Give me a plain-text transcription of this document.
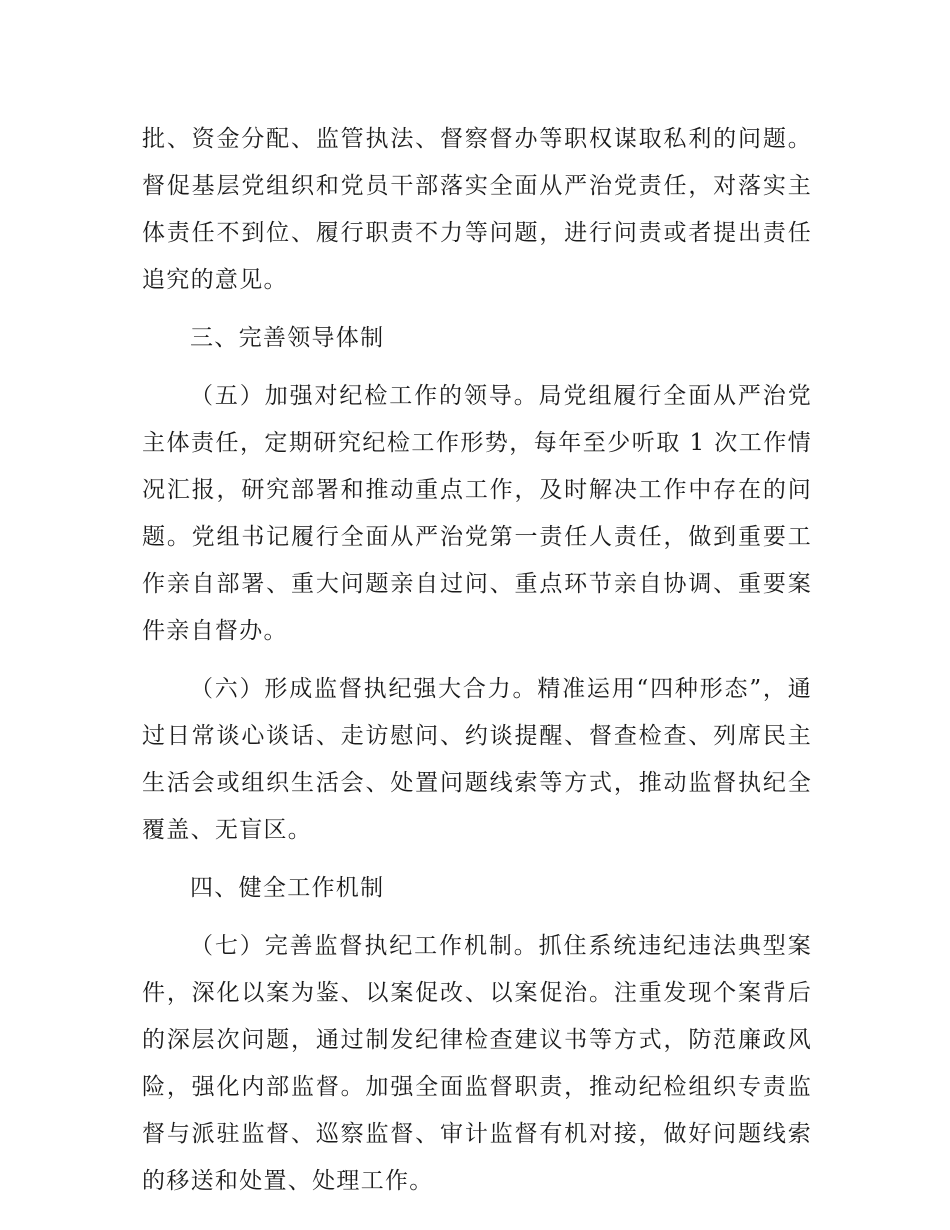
批、资金分配、监管执法、督察督办等职权谋取私利的问题。督促基层党组织和党员干部落实全面从严治党责任，对落实主体责任不到位、履行职责不力等问题，进行问责或者提出责任追究的意见。

三、完善领导体制

（五）加强对纪检工作的领导。局党组履行全面从严治党主体责任，定期研究纪检工作形势，每年至少听取 1 次工作情况汇报，研究部署和推动重点工作，及时解决工作中存在的问题。党组书记履行全面从严治党第一责任人责任，做到重要工作亲自部署、重大问题亲自过问、重点环节亲自协调、重要案件亲自督办。

（六）形成监督执纪强大合力。精准运用“四种形态”，通过日常谈心谈话、走访慰问、约谈提醒、督查检查、列席民主生活会或组织生活会、处置问题线索等方式，推动监督执纪全覆盖、无盲区。

四、健全工作机制

（七）完善监督执纪工作机制。抓住系统违纪违法典型案件，深化以案为鉴、以案促改、以案促治。注重发现个案背后的深层次问题，通过制发纪律检查建议书等方式，防范廉政风险，强化内部监督。加强全面监督职责，推动纪检组织专责监督与派驻监督、巡察监督、审计监督有机对接，做好问题线索的移送和处置、处理工作。
